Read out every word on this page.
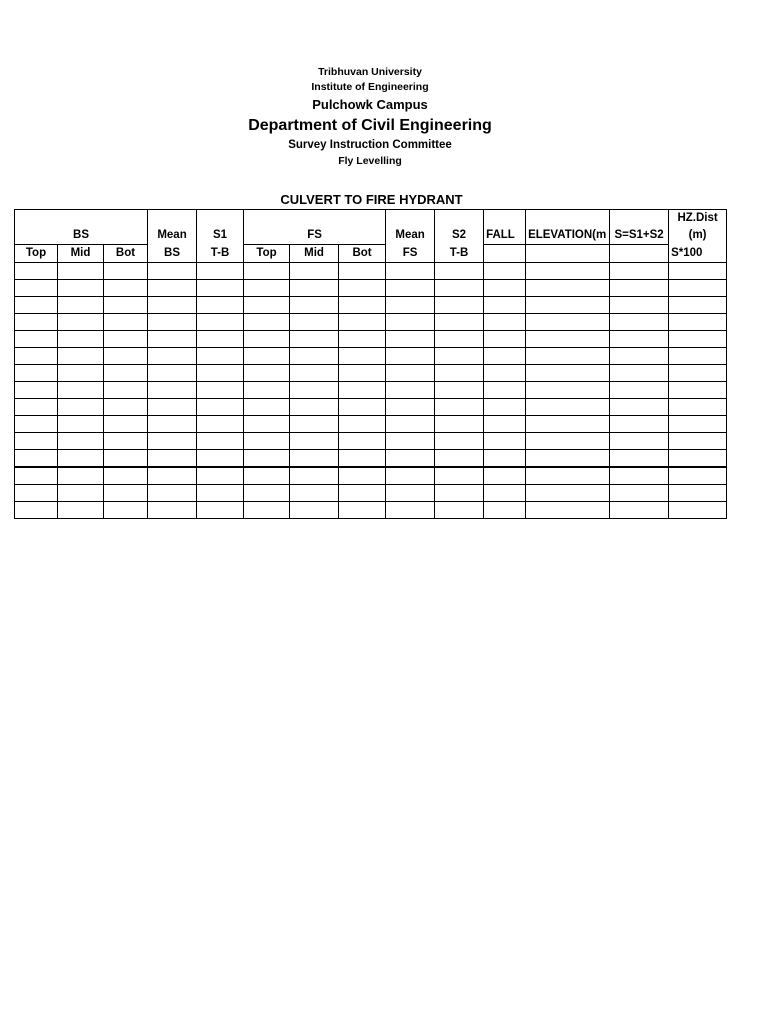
Tribhuvan University
Institute of Engineering
Pulchowk Campus
Department of Civil Engineering
Survey Instruction Committee
Fly Levelling
CULVERT TO FIRE HYDRANT
													HZ.Dist
BS			Mean	S1	FS			Mean	S2	FALL	ELEVATION(m	S=S1+S2	(m)
Top	Mid	Bot	BS	T-B	Top	Mid	Bot	FS	T-B				S*100
